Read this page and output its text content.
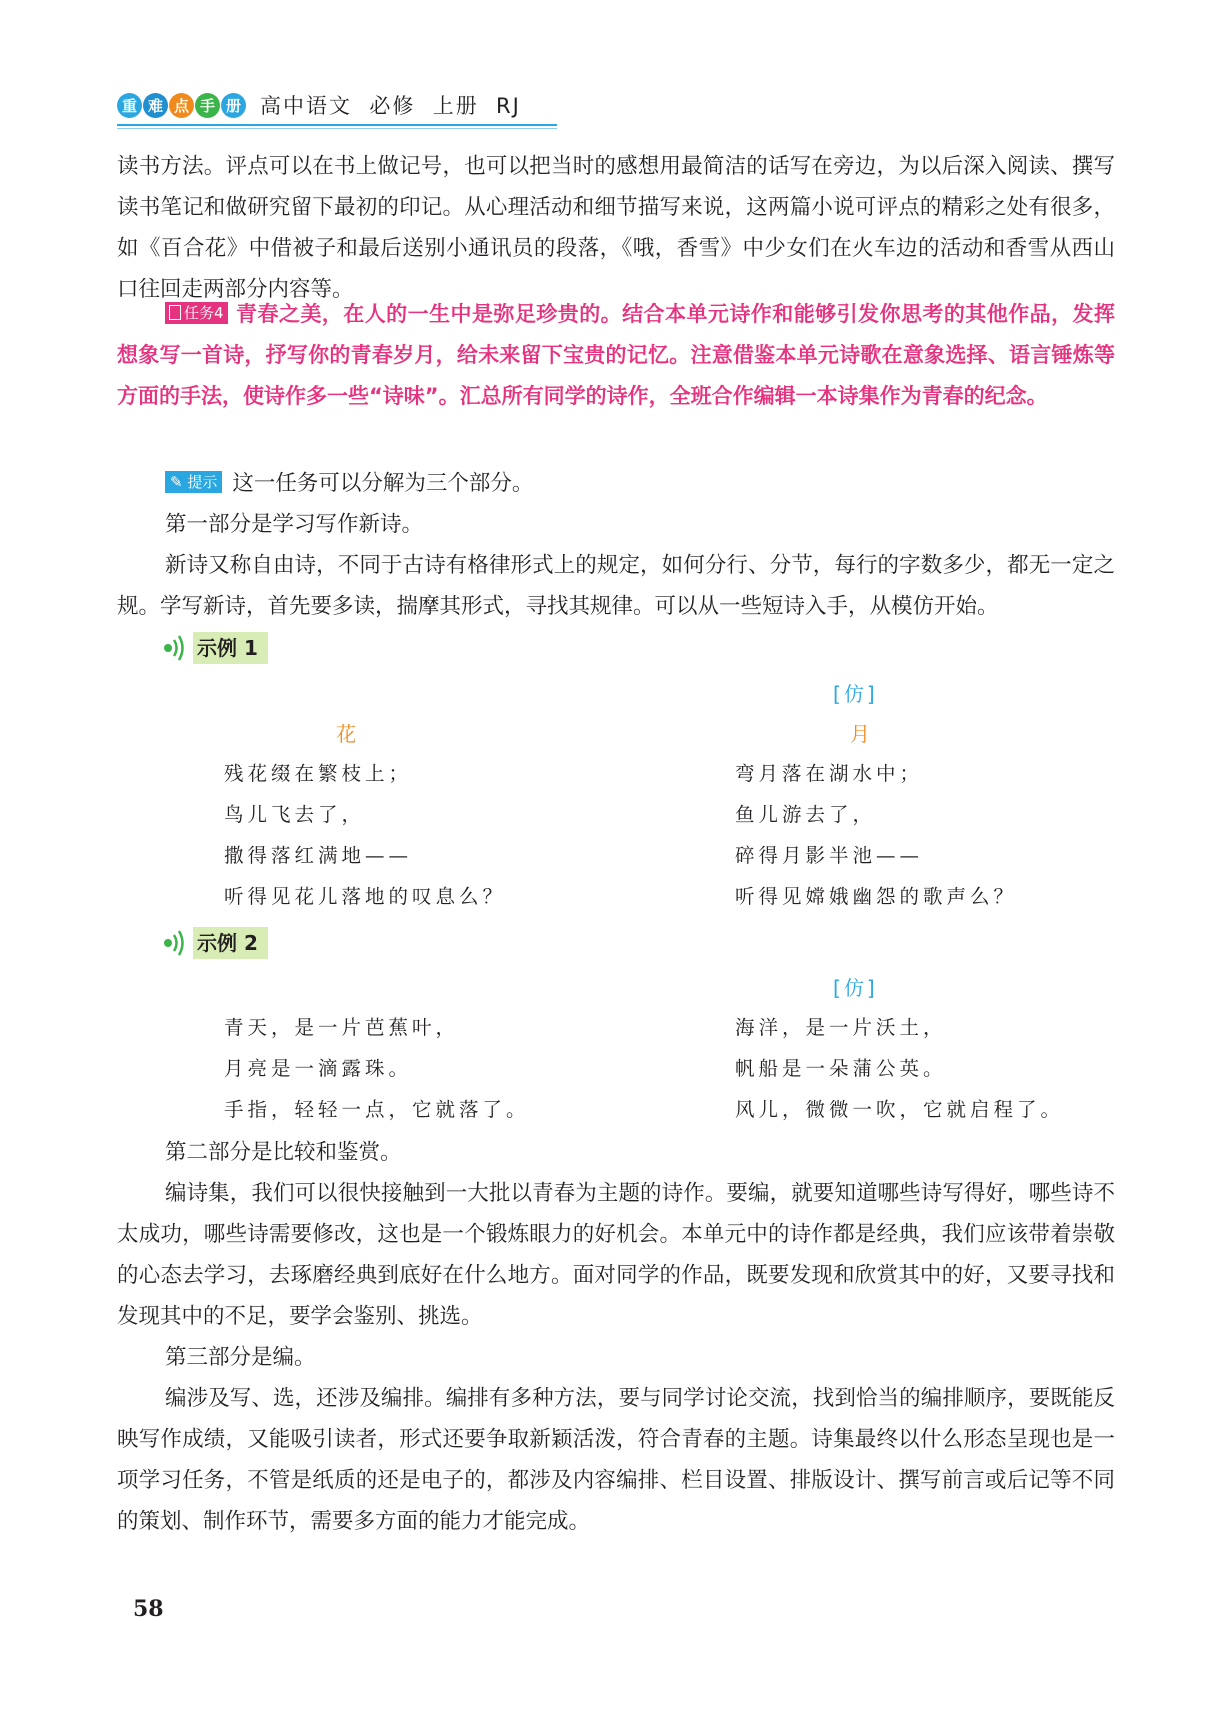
重 难 点 手 册 高中语文  必修  上册  RJ

读书方法。评点可以在书上做记号，也可以把当时的感想用最简洁的话写在旁边，为以后深入阅读、撰写读书笔记和做研究留下最初的印记。从心理活动和细节描写来说，这两篇小说可评点的精彩之处有很多，如《百合花》中借被子和最后送别小通讯员的段落，《哦，香雪》中少女们在火车边的活动和香雪从西山口往回走两部分内容等。

任务4 青春之美，在人的一生中是弥足珍贵的。结合本单元诗作和能够引发你思考的其他作品，发挥想象写一首诗，抒写你的青春岁月，给未来留下宝贵的记忆。注意借鉴本单元诗歌在意象选择、语言锤炼等方面的手法，使诗作多一些“诗味”。汇总所有同学的诗作，全班合作编辑一本诗集作为青春的纪念。

✎ 提示 这一任务可以分解为三个部分。

第一部分是学习写作新诗。

新诗又称自由诗，不同于古诗有格律形式上的规定，如何分行、分节，每行的字数多少，都无一定之规。学写新诗，首先要多读，揣摩其形式，寻找其规律。可以从一些短诗入手，从模仿开始。

示例 1
[ 仿 ]
花	月
残花缀在繁枝上；
鸟儿飞去了，
撒得落红满地——
听得见花儿落地的叹息么？
弯月落在湖水中；
鱼儿游去了，
碎得月影半池——
听得见嫦娥幽怨的歌声么？
示例 2
[ 仿 ]
青天，是一片芭蕉叶，
月亮是一滴露珠。
手指，轻轻一点，它就落了。
海洋，是一片沃土，
帆船是一朵蒲公英。
风儿，微微一吹，它就启程了。

第二部分是比较和鉴赏。

编诗集，我们可以很快接触到一大批以青春为主题的诗作。要编，就要知道哪些诗写得好，哪些诗不太成功，哪些诗需要修改，这也是一个锻炼眼力的好机会。本单元中的诗作都是经典，我们应该带着崇敬的心态去学习，去琢磨经典到底好在什么地方。面对同学的作品，既要发现和欣赏其中的好，又要寻找和发现其中的不足，要学会鉴别、挑选。

第三部分是编。

编涉及写、选，还涉及编排。编排有多种方法，要与同学讨论交流，找到恰当的编排顺序，要既能反映写作成绩，又能吸引读者，形式还要争取新颖活泼，符合青春的主题。诗集最终以什么形态呈现也是一项学习任务，不管是纸质的还是电子的，都涉及内容编排、栏目设置、排版设计、撰写前言或后记等不同的策划、制作环节，需要多方面的能力才能完成。

58
